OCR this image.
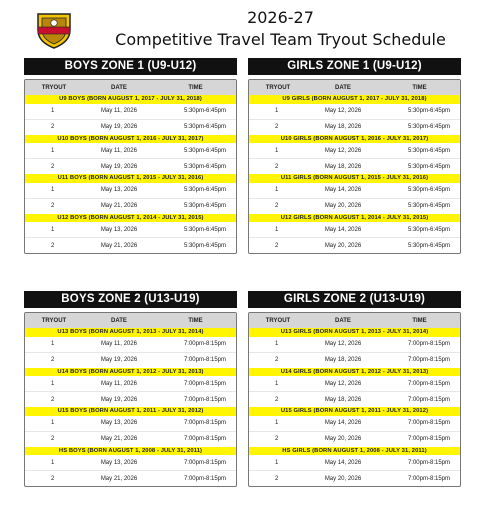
2026-27
Competitive Travel Team Tryout Schedule
BOYS ZONE 1 (U9-U12)
TRYOUT	DATE	TIME
U9 BOYS (BORN AUGUST 1, 2017 - JULY 31, 2018)
1	May 11, 2026	5:30pm-6:45pm
2	May 19, 2026	5:30pm-6:45pm
U10 BOYS (BORN AUGUST 1, 2016 - JULY 31, 2017)
1	May 11, 2026	5:30pm-6:45pm
2	May 19, 2026	5:30pm-6:45pm
U11 BOYS (BORN AUGUST 1, 2015 - JULY 31, 2016)
1	May 13, 2026	5:30pm-6:45pm
2	May 21, 2026	5:30pm-6:45pm
U12 BOYS (BORN AUGUST 1, 2014 - JULY 31, 2015)
1	May 13, 2026	5:30pm-6:45pm
2	May 21, 2026	5:30pm-6:45pm
GIRLS ZONE 1 (U9-U12)
TRYOUT	DATE	TIME
U9 GIRLS (BORN AUGUST 1, 2017 - JULY 31, 2018)
1	May 12, 2026	5:30pm-6:45pm
2	May 18, 2026	5:30pm-6:45pm
U10 GIRLS (BORN AUGUST 1, 2016 - JULY 31, 2017)
1	May 12, 2026	5:30pm-6:45pm
2	May 18, 2026	5:30pm-6:45pm
U11 GIRLS (BORN AUGUST 1, 2015 - JULY 31, 2016)
1	May 14, 2026	5:30pm-6:45pm
2	May 20, 2026	5:30pm-6:45pm
U12 GIRLS (BORN AUGUST 1, 2014 - JULY 31, 2015)
1	May 14, 2026	5:30pm-6:45pm
2	May 20, 2026	5:30pm-6:45pm
BOYS ZONE 2 (U13-U19)
TRYOUT	DATE	TIME
U13 BOYS (BORN AUGUST 1, 2013 - JULY 31, 2014)
1	May 11, 2026	7:00pm-8:15pm
2	May 19, 2026	7:00pm-8:15pm
U14 BOYS (BORN AUGUST 1, 2012 - JULY 31, 2013)
1	May 11, 2026	7:00pm-8:15pm
2	May 19, 2026	7:00pm-8:15pm
U15 BOYS (BORN AUGUST 1, 2011 - JULY 31, 2012)
1	May 13, 2026	7:00pm-8:15pm
2	May 21, 2026	7:00pm-8:15pm
HS BOYS (BORN AUGUST 1, 2008 - JULY 31, 2011)
1	May 13, 2026	7:00pm-8:15pm
2	May 21, 2026	7:00pm-8:15pm
GIRLS ZONE 2 (U13-U19)
TRYOUT	DATE	TIME
U13 GIRLS (BORN AUGUST 1, 2013 - JULY 31, 2014)
1	May 12, 2026	7:00pm-8:15pm
2	May 18, 2026	7:00pm-8:15pm
U14 GIRLS (BORN AUGUST 1, 2012 - JULY 31, 2013)
1	May 12, 2026	7:00pm-8:15pm
2	May 18, 2026	7:00pm-8:15pm
U15 GIRLS (BORN AUGUST 1, 2011 - JULY 31, 2012)
1	May 14, 2026	7:00pm-8:15pm
2	May 20, 2026	7:00pm-8:15pm
HS GIRLS (BORN AUGUST 1, 2008 - JULY 31, 2011)
1	May 14, 2026	7:00pm-8:15pm
2	May 20, 2026	7:00pm-8:15pm
